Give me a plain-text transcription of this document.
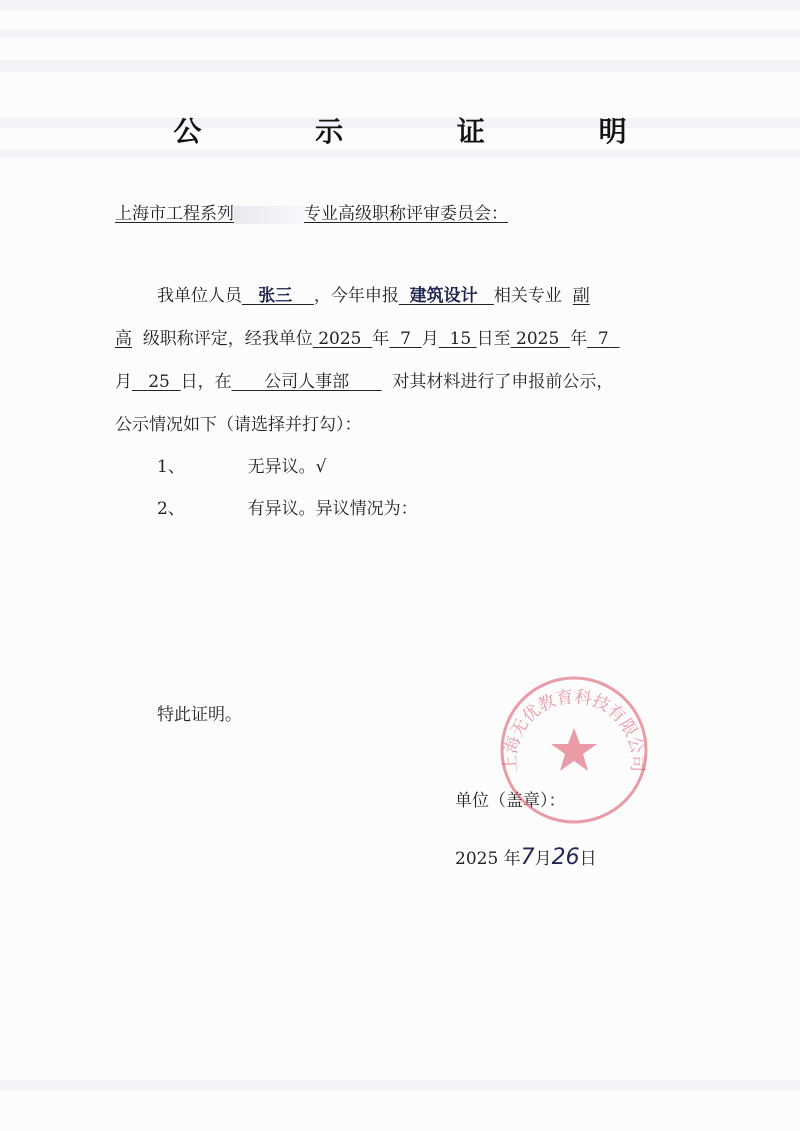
公 示 证 明
上海市工程系列	专业高级职称评审委员会：
我单位人员 张三 ，今年申报 建筑设计 相关专业 副
高 级职称评定，经我单位 2025 年 7 月 15 日至 2025 年 7
月 25 日，在 公司人事部	对其材料进行了申报前公示，
公示情况如下（请选择并打勾）：
1、	无异议。√
2、	有异议。异议情况为：
特此证明。
单位（盖章）：
2025 年7月26日
上海无优教育科技有限公司
